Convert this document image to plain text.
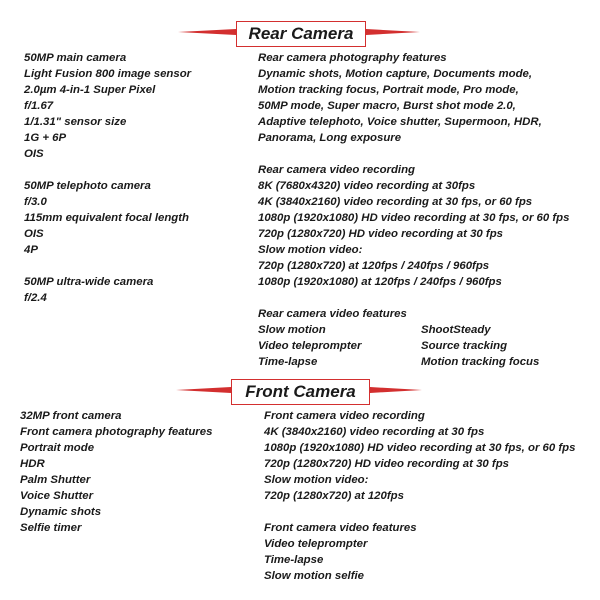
Rear Camera
50MP main camera
Light Fusion 800 image sensor
2.0µm 4-in-1 Super Pixel
f/1.67
1/1.31" sensor size
1G + 6P
OIS
50MP telephoto camera
f/3.0
115mm equivalent focal length
OIS
4P
50MP ultra-wide camera
f/2.4
Rear camera photography features
Dynamic shots, Motion capture, Documents mode,
Motion tracking focus, Portrait mode, Pro mode,
50MP mode, Super macro, Burst shot mode 2.0,
Adaptive telephoto, Voice shutter, Supermoon, HDR,
Panorama, Long exposure
Rear camera video recording
8K (7680x4320) video recording at 30fps
4K (3840x2160) video recording at 30 fps, or 60 fps
1080p (1920x1080) HD video recording at 30 fps, or 60 fps
720p (1280x720) HD video recording at 30 fps
Slow motion video:
720p (1280x720) at 120fps / 240fps / 960fps
1080p (1920x1080) at 120fps / 240fps / 960fps
Rear camera video features
Slow motion
Video teleprompter
Time-lapse
ShootSteady
Source tracking
Motion tracking focus
Front Camera
32MP front camera
Front camera photography features
Portrait mode
HDR
Palm Shutter
Voice Shutter
Dynamic shots
Selfie timer
Front camera video recording
4K (3840x2160) video recording at 30 fps
1080p (1920x1080) HD video recording at 30 fps, or 60 fps
720p (1280x720) HD video recording at 30 fps
Slow motion video:
720p (1280x720) at 120fps
Front camera video features
Video teleprompter
Time-lapse
Slow motion selfie
